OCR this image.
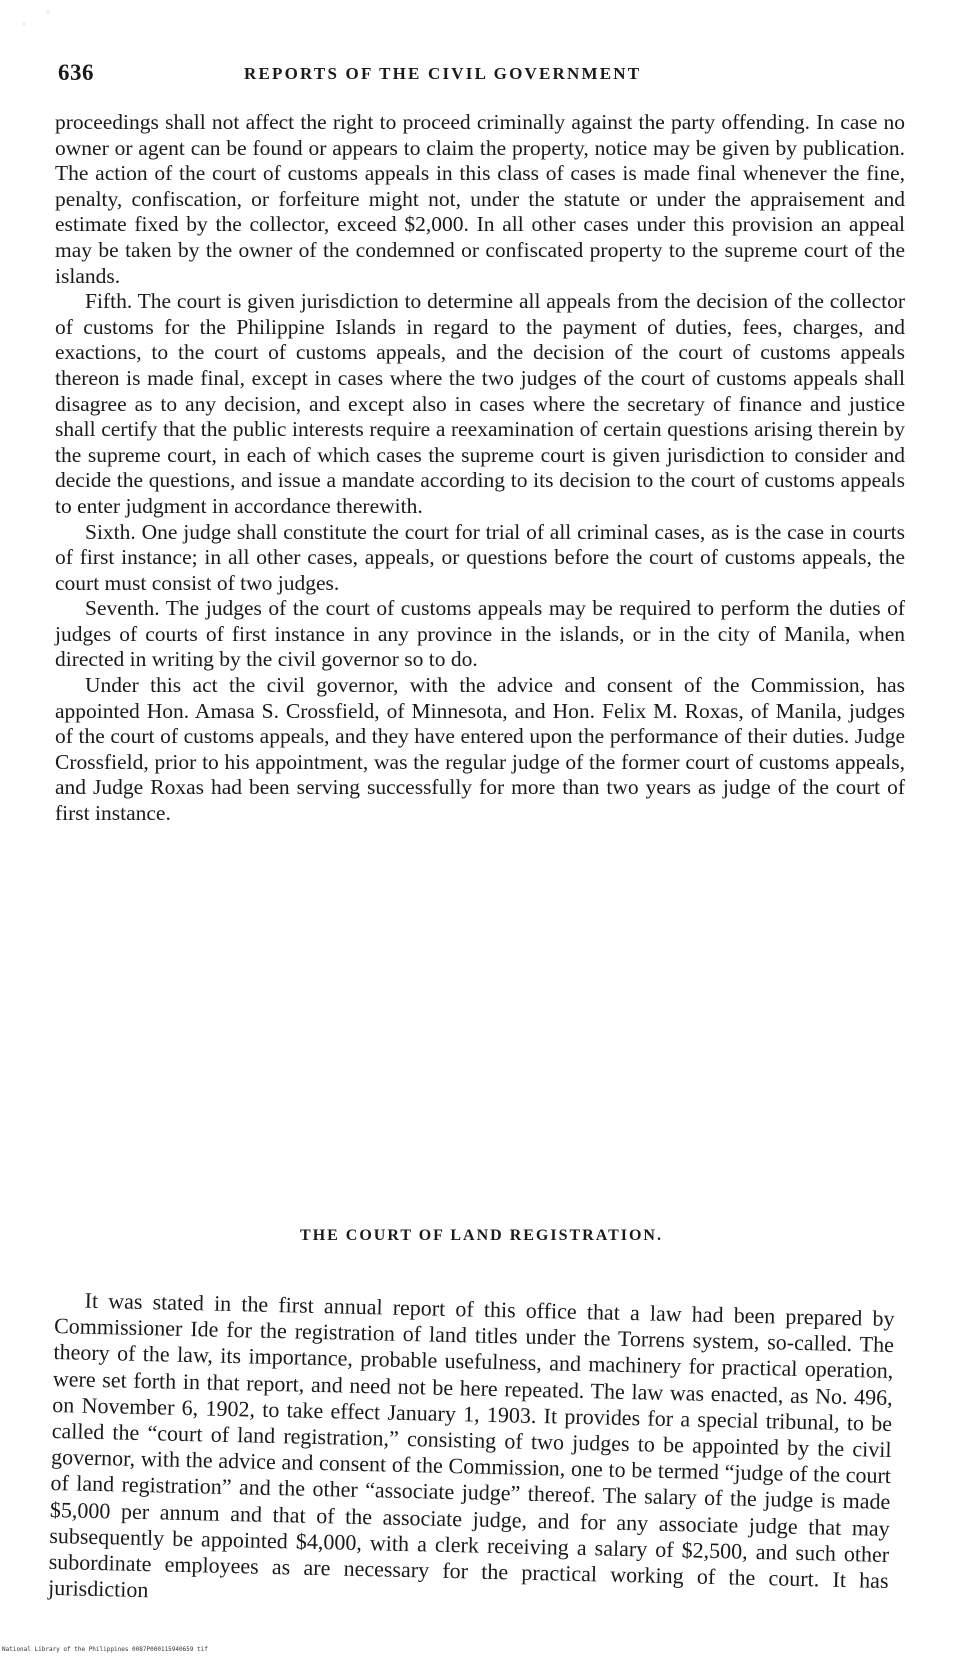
636	REPORTS OF THE CIVIL GOVERNMENT

proceedings shall not affect the right to proceed criminally against the party offending. In case no owner or agent can be found or appears to claim the property, notice may be given by publication. The action of the court of customs appeals in this class of cases is made final whenever the fine, penalty, confiscation, or forfeiture might not, under the statute or under the appraisement and estimate fixed by the collector, exceed $2,000. In all other cases under this provision an appeal may be taken by the owner of the condemned or confiscated property to the supreme court of the islands.

Fifth. The court is given jurisdiction to determine all appeals from the decision of the collector of customs for the Philippine Islands in regard to the payment of duties, fees, charges, and exactions, to the court of customs appeals, and the decision of the court of customs appeals thereon is made final, except in cases where the two judges of the court of customs appeals shall disagree as to any decision, and except also in cases where the secretary of finance and justice shall certify that the public interests require a reexamination of certain questions arising therein by the supreme court, in each of which cases the supreme court is given jurisdiction to consider and decide the questions, and issue a mandate according to its decision to the court of customs appeals to enter judgment in accordance therewith.

Sixth. One judge shall constitute the court for trial of all criminal cases, as is the case in courts of first instance; in all other cases, appeals, or questions before the court of customs appeals, the court must consist of two judges.

Seventh. The judges of the court of customs appeals may be required to perform the duties of judges of courts of first instance in any province in the islands, or in the city of Manila, when directed in writing by the civil governor so to do.

Under this act the civil governor, with the advice and consent of the Commission, has appointed Hon. Amasa S. Crossfield, of Minnesota, and Hon. Felix M. Roxas, of Manila, judges of the court of customs appeals, and they have entered upon the performance of their duties. Judge Crossfield, prior to his appointment, was the regular judge of the former court of customs appeals, and Judge Roxas had been serving successfully for more than two years as judge of the court of first instance.

THE COURT OF LAND REGISTRATION.

It was stated in the first annual report of this office that a law had been prepared by Commissioner Ide for the registration of land titles under the Torrens system, so-called. The theory of the law, its importance, probable usefulness, and machinery for practical operation, were set forth in that report, and need not be here repeated. The law was enacted, as No. 496, on November 6, 1902, to take effect January 1, 1903. It provides for a special tribunal, to be called the “court of land registration,” consisting of two judges to be appointed by the civil governor, with the advice and consent of the Commission, one to be termed “judge of the court of land registration” and the other “associate judge” thereof. The salary of the judge is made $5,000 per annum and that of the associate judge, and for any associate judge that may subsequently be appointed $4,000, with a clerk receiving a salary of $2,500, and such other subordinate employees as are necessary for the practical working of the court. It has jurisdiction

National Library of the Philippines 0087P000115940659 tif
